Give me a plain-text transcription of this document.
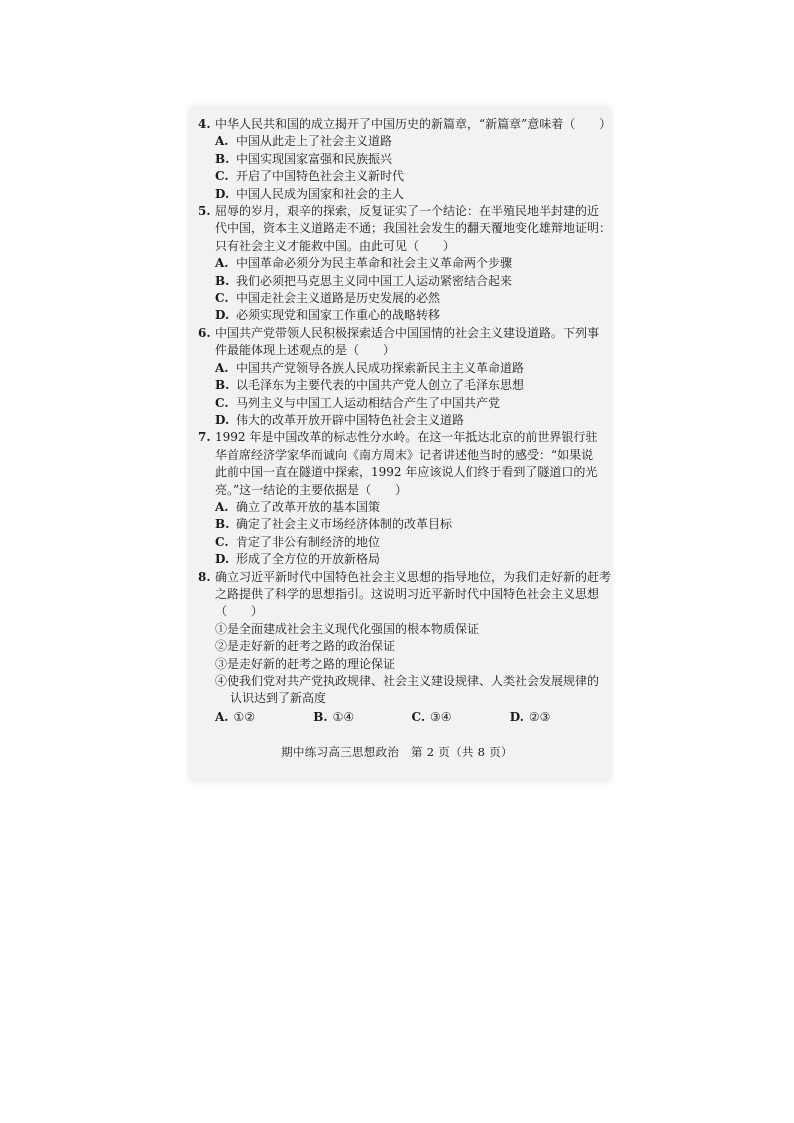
4. 中华人民共和国的成立揭开了中国历史的新篇章，“新篇章”意味着（　　）
A. 中国从此走上了社会主义道路
B. 中国实现国家富强和民族振兴
C. 开启了中国特色社会主义新时代
D. 中国人民成为国家和社会的主人
5. 屈辱的岁月，艰辛的探索，反复证实了一个结论：在半殖民地半封建的近
代中国，资本主义道路走不通；我国社会发生的翻天覆地变化雄辩地证明：
只有社会主义才能救中国。由此可见（　　）
A. 中国革命必须分为民主革命和社会主义革命两个步骤
B. 我们必须把马克思主义同中国工人运动紧密结合起来
C. 中国走社会主义道路是历史发展的必然
D. 必须实现党和国家工作重心的战略转移
6. 中国共产党带领人民积极探索适合中国国情的社会主义建设道路。下列事
件最能体现上述观点的是（　　）
A. 中国共产党领导各族人民成功探索新民主主义革命道路
B. 以毛泽东为主要代表的中国共产党人创立了毛泽东思想
C. 马列主义与中国工人运动相结合产生了中国共产党
D. 伟大的改革开放开辟中国特色社会主义道路
7. 1992 年是中国改革的标志性分水岭。在这一年抵达北京的前世界银行驻
华首席经济学家华而诚向《南方周末》记者讲述他当时的感受：“如果说
此前中国一直在隧道中探索，1992 年应该说人们终于看到了隧道口的光
亮。”这一结论的主要依据是（　　）
A. 确立了改革开放的基本国策
B. 确定了社会主义市场经济体制的改革目标
C. 肯定了非公有制经济的地位
D. 形成了全方位的开放新格局
8. 确立习近平新时代中国特色社会主义思想的指导地位，为我们走好新的赶考
之路提供了科学的思想指引。这说明习近平新时代中国特色社会主义思想
（　　）
①是全面建成社会主义现代化强国的根本物质保证
②是走好新的赶考之路的政治保证
③是走好新的赶考之路的理论保证
④使我们党对共产党执政规律、社会主义建设规律、人类社会发展规律的
认识达到了新高度
A. ①②	B. ①④	C. ③④	D. ②③
期中练习高三思想政治　第 2 页（共 8 页）
